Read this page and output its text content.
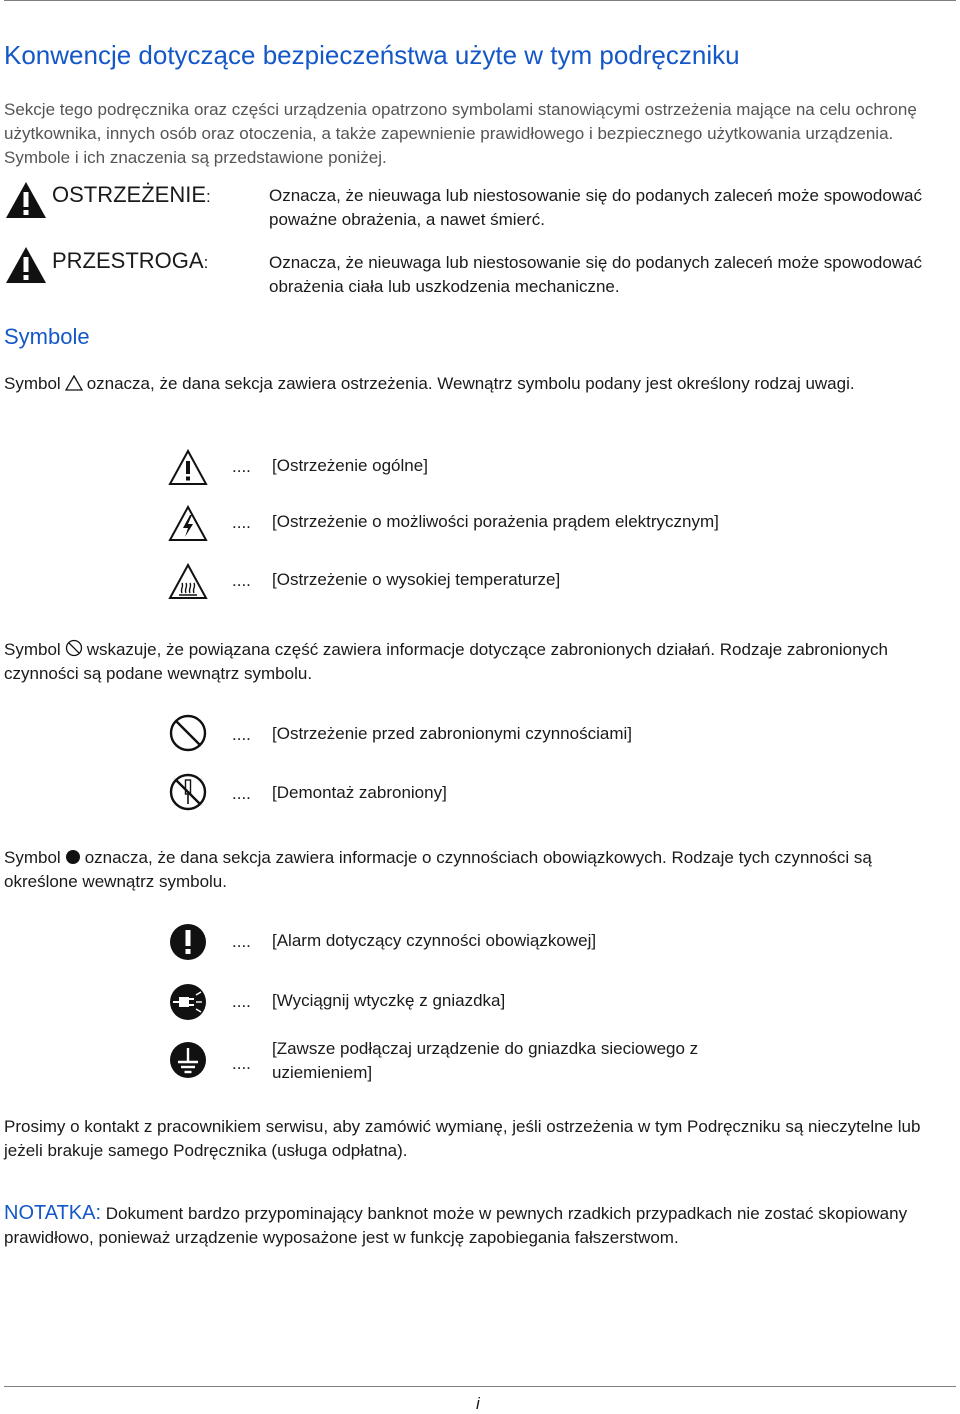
Konwencje dotyczące bezpieczeństwa użyte w tym podręczniku

Sekcje tego podręcznika oraz części urządzenia opatrzono symbolami stanowiącymi ostrzeżenia mające na celu ochronę użytkownika, innych osób oraz otoczenia, a także zapewnienie prawidłowego i bezpiecznego użytkowania urządzenia. Symbole i ich znaczenia są przedstawione poniżej.

OSTRZEŻENIE:	Oznacza, że nieuwaga lub niestosowanie się do podanych zaleceń może spowodować poważne obrażenia, a nawet śmierć.
PRZESTROGA:	Oznacza, że nieuwaga lub niestosowanie się do podanych zaleceń może spowodować obrażenia ciała lub uszkodzenia mechaniczne.
Symbole

Symbol oznacza, że dana sekcja zawiera ostrzeżenia. Wewnątrz symbolu podany jest określony rodzaj uwagi.

.... [Ostrzeżenie ogólne]
.... [Ostrzeżenie o możliwości porażenia prądem elektrycznym]
.... [Ostrzeżenie o wysokiej temperaturze]

Symbol wskazuje, że powiązana część zawiera informacje dotyczące zabronionych działań. Rodzaje zabronionych czynności są podane wewnątrz symbolu.

.... [Ostrzeżenie przed zabronionymi czynnościami]
.... [Demontaż zabroniony]

Symbol oznacza, że dana sekcja zawiera informacje o czynnościach obowiązkowych. Rodzaje tych czynności są określone wewnątrz symbolu.

.... [Alarm dotyczący czynności obowiązkowej]
.... [Wyciągnij wtyczkę z gniazdka]
....
[Zawsze podłączaj urządzenie do gniazdka sieciowego z uziemieniem]

Prosimy o kontakt z pracownikiem serwisu, aby zamówić wymianę, jeśli ostrzeżenia w tym Podręczniku są nieczytelne lub jeżeli brakuje samego Podręcznika (usługa odpłatna).

NOTATKA: Dokument bardzo przypominający banknot może w pewnych rzadkich przypadkach nie zostać skopiowany prawidłowo, ponieważ urządzenie wyposażone jest w funkcję zapobiegania fałszerstwom.

i
